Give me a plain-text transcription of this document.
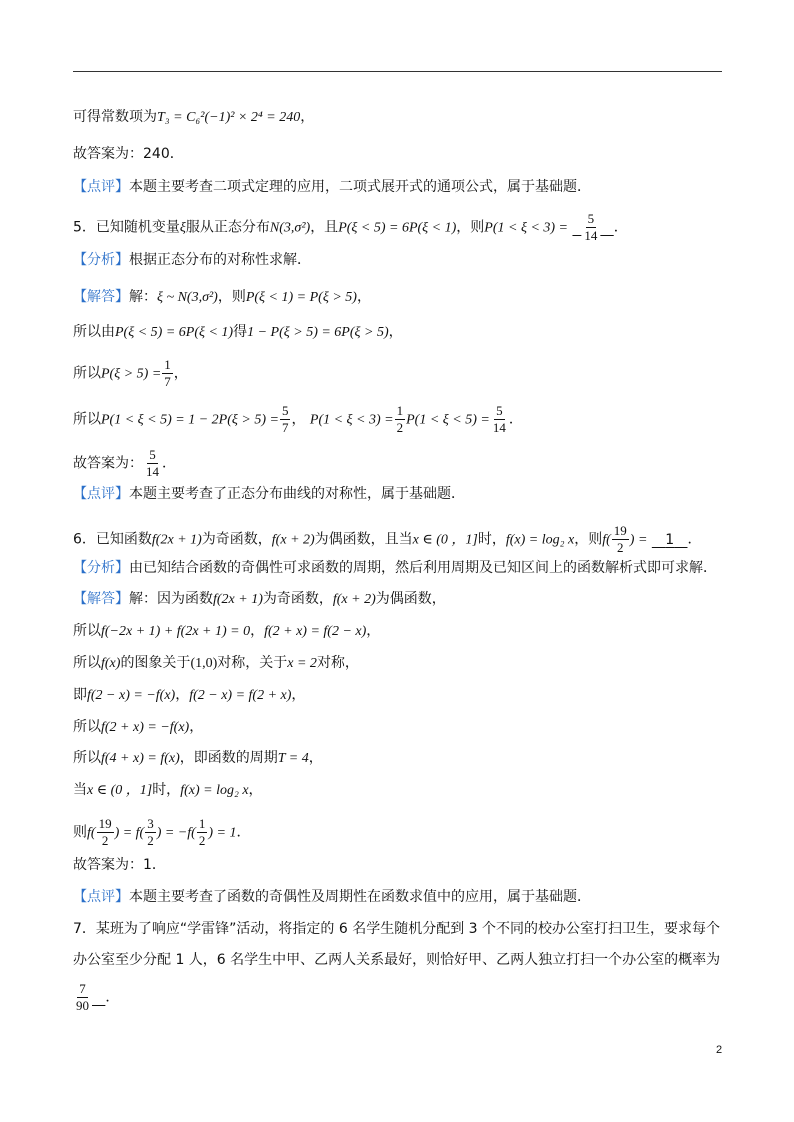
可得常数项为T₃ = C₆²(−1)² × 2⁴ = 240，
故答案为：240．
【点评】本题主要考查二项式定理的应用，二项式展开式的通项公式，属于基础题．
5．已知随机变量ξ服从正态分布N(3,σ²)，且P(ξ < 5) = 6P(ξ < 1)，则$P(1 < \xi < 3) = \frac{5}{14}$ ．
【分析】根据正态分布的对称性求解．
【解答】解：ξ ~ N(3,σ²)，则P(ξ < 1) = P(ξ > 5)，
所以由P(ξ < 5) = 6P(ξ < 1)得1 − P(ξ > 5) = 6P(ξ > 5)，
所以$P(\xi > 5) = \frac{1}{7}$ ，
所以$P(1 < \xi < 5) = 1 - 2P(\xi > 5) = \frac{5}{7}$ ， $P(1 < \xi < 3) = \frac{1}{2} P(1 < \xi < 5) = \frac{5}{14}$ ．
故答案为： $\frac{5}{14}$ ．
【点评】本题主要考查了正态分布曲线的对称性，属于基础题．
6．已知函数f(2x + 1)为奇函数，f(x + 2)为偶函数，且当x ∈ (0 ，1]时，f(x) = log₂ x，则$f( \frac{19}{2}$ ) = 1 ．
【分析】由已知结合函数的奇偶性可求函数的周期，然后利用周期及已知区间上的函数解析式即可求解．
【解答】解：因为函数f(2x + 1)为奇函数，f(x + 2)为偶函数，
所以f(−2x + 1) + f(2x + 1) = 0，f(2 + x) = f(2 − x)，
所以f(x)的图象关于(1,0)对称，关于x = 2对称，
即f(2 − x) = −f(x)，f(2 − x) = f(2 + x)，
所以f(2 + x) = −f(x)，
所以f(4 + x) = f(x)，即函数的周期T = 4，
当x ∈ (0 ，1]时，f(x) = log₂ x，
则$f( \frac{19}{2}$ ) = $f( \frac{3}{2}$ ) = $-f( \frac{1}{2}$ ) = 1．
故答案为：1．
【点评】本题主要考查了函数的奇偶性及周期性在函数求值中的应用，属于基础题．
7．某班为了响应“学雷锋”活动，将指定的 6 名学生随机分配到 3 个不同的校办公室打扫卫生，要求每个
办公室至少分配 1 人，6 名学生中甲、乙两人关系最好，则恰好甲、乙两人独立打扫一个办公室的概率为
$\frac{7}{90}$ ．
2
